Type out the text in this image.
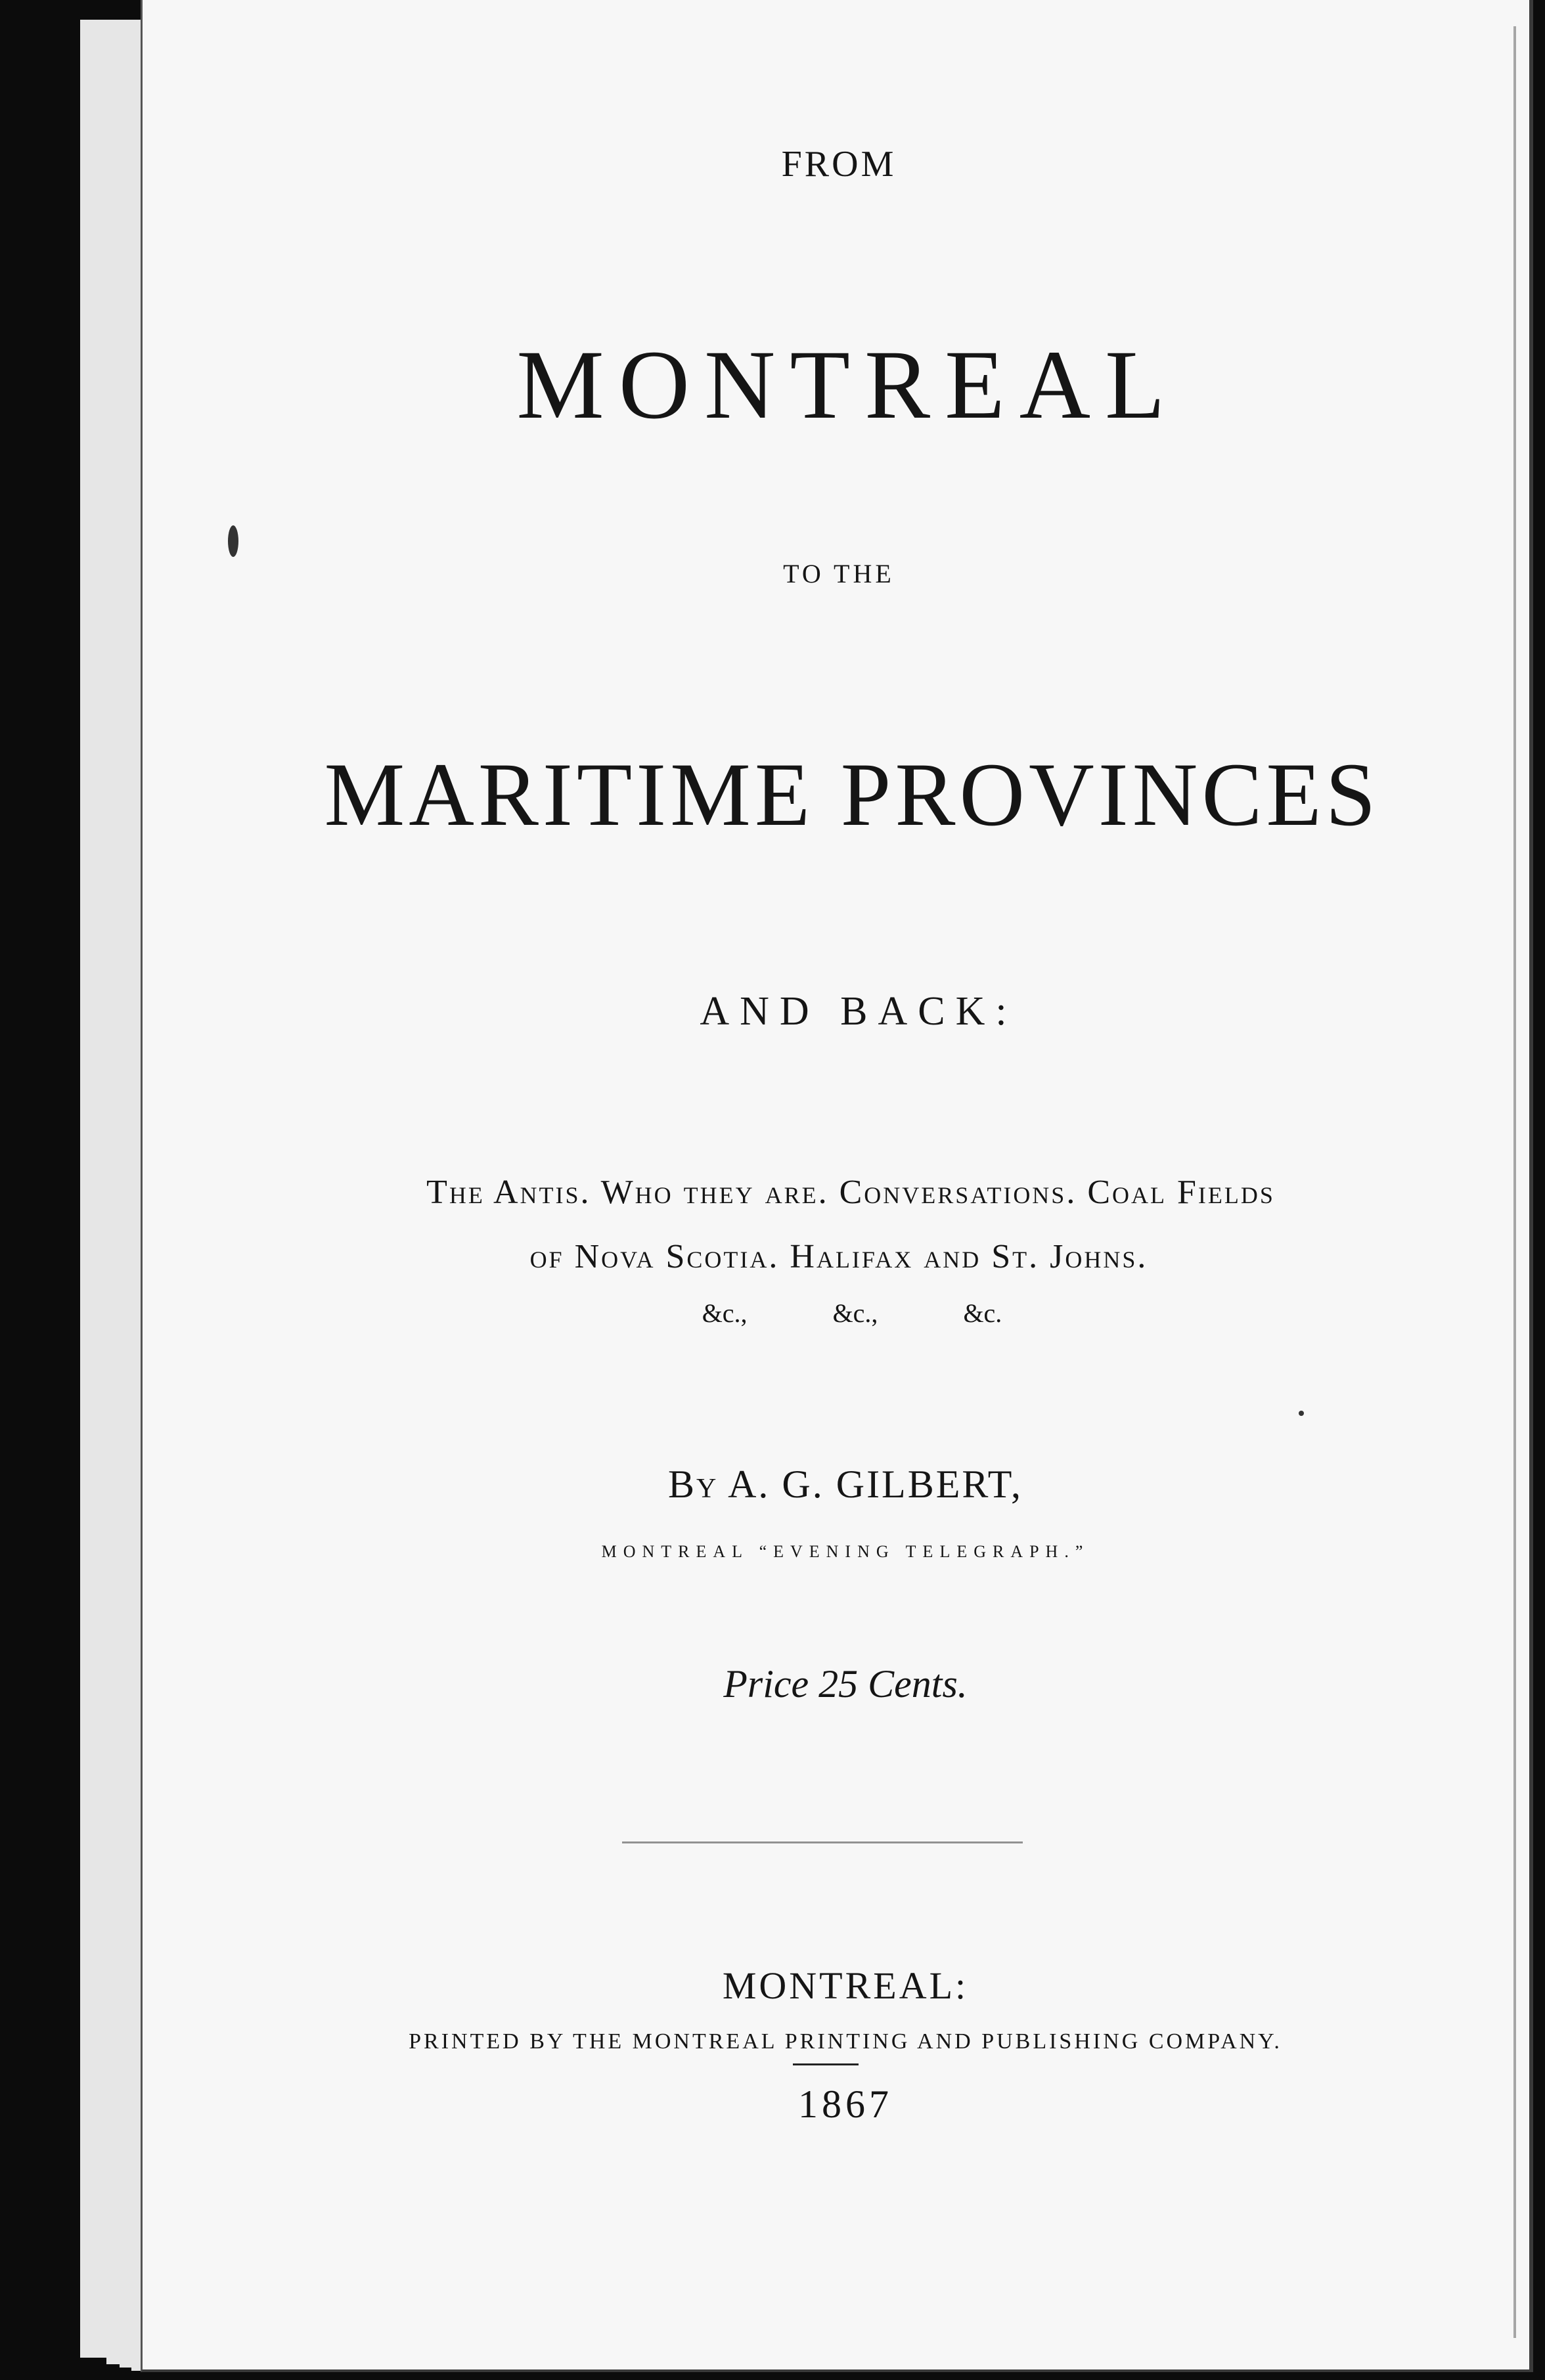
FROM
MONTREAL
TO THE
MARITIME PROVINCES
AND BACK:
The Antis. Who they are. Conversations. Coal Fields
of Nova Scotia. Halifax and St. Johns.
&c.,	&c.,	&c.
By A. G. GILBERT,
MONTREAL “EVENING TELEGRAPH.”
Price 25 Cents.
MONTREAL:
PRINTED BY THE MONTREAL PRINTING AND PUBLISHING COMPANY.
1867
